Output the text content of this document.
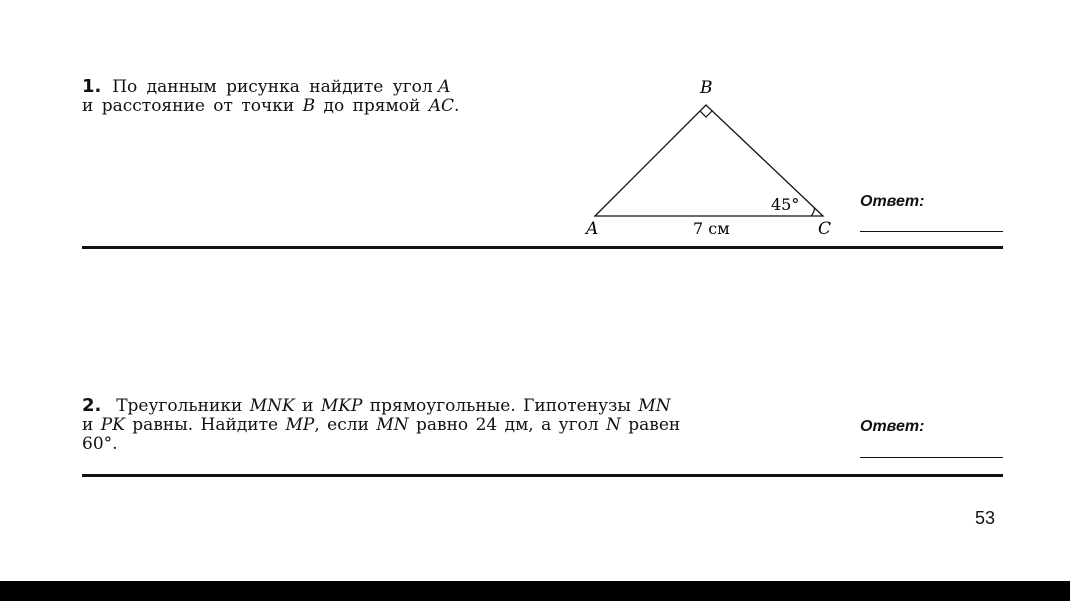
1. По данным рисунка найдите угол A
и расстояние от точки B до прямой AC.
B
A	C
7 см
45°	Ответ:
2. Треугольники MNK и MKP прямоугольные. Гипотенузы MN
и PK равны. Найдите MP, если MN равно 24 дм, а угол N равен
60°.
Ответ:
53
